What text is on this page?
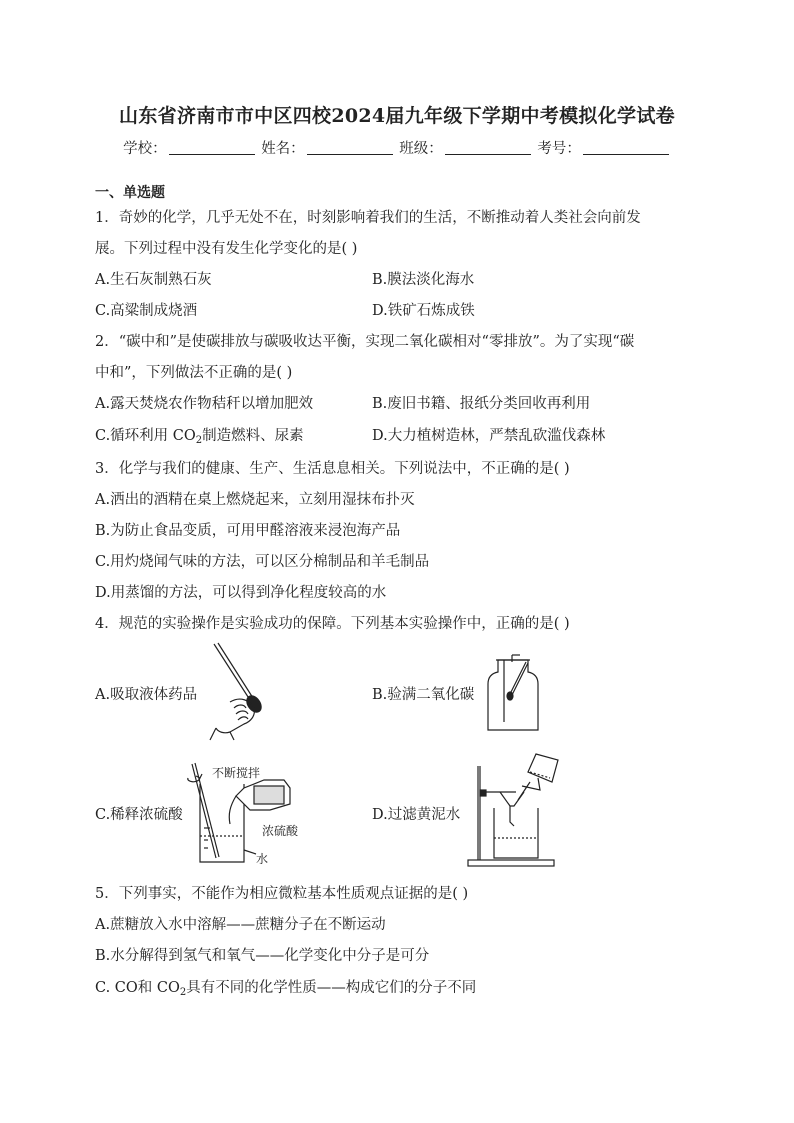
山东省济南市市中区四校2024届九年级下学期中考模拟化学试卷
学校：	姓名：	班级：	考号：
一、单选题
1．奇妙的化学，几乎无处不在，时刻影响着我们的生活，不断推动着人类社会向前发
展。下列过程中没有发生化学变化的是( )
A.生石灰制熟石灰	B.膜法淡化海水
C.高粱制成烧酒	D.铁矿石炼成铁
2．“碳中和”是使碳排放与碳吸收达平衡，实现二氧化碳相对“零排放”。为了实现“碳
中和”，下列做法不正确的是( )
A.露天焚烧农作物秸秆以增加肥效	B.废旧书籍、报纸分类回收再利用
C.循环利用 $CO_2$制造燃料、尿素	D.大力植树造林，严禁乱砍滥伐森林
3．化学与我们的健康、生产、生活息息相关。下列说法中，不正确的是( )
A.洒出的酒精在桌上燃烧起来，立刻用湿抹布扑灭
B.为防止食品变质，可用甲醛溶液来浸泡海产品
C.用灼烧闻气味的方法，可以区分棉制品和羊毛制品
D.用蒸馏的方法，可以得到净化程度较高的水
4．规范的实验操作是实验成功的保障。下列基本实验操作中，正确的是( )
A.吸取液体药品	B.验满二氧化碳
C.稀释浓硫酸	D.过滤黄泥水
不断搅拌
浓硫酸
水
5．下列事实，不能作为相应微粒基本性质观点证据的是( )
A.蔗糖放入水中溶解——蔗糖分子在不断运动
B.水分解得到氢气和氧气——化学变化中分子是可分
C. CO和 $CO_2$具有不同的化学性质——构成它们的分子不同
